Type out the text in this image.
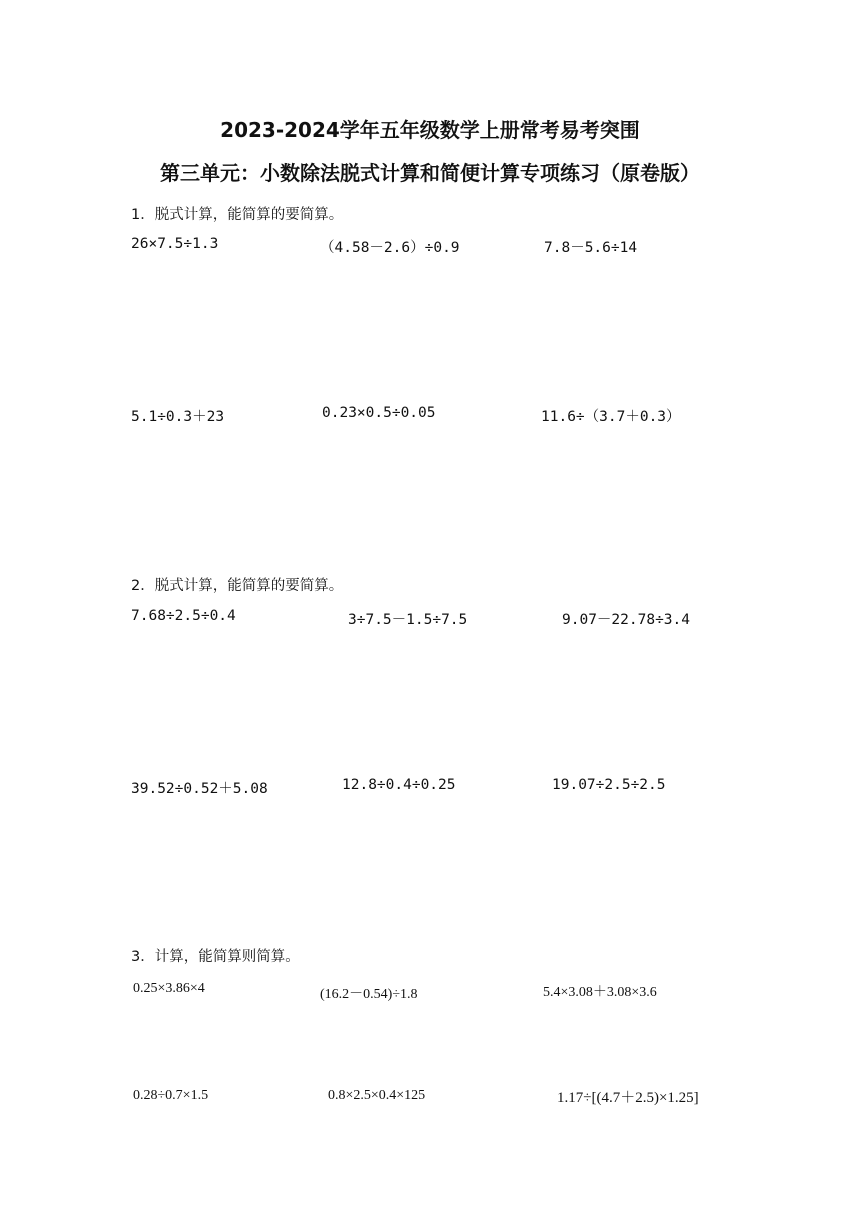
2023-2024学年五年级数学上册常考易考突围
第三单元：小数除法脱式计算和简便计算专项练习（原卷版）
1．脱式计算，能简算的要简算。
26×7.5÷1.3	（4.58－2.6）÷0.9	7.8－5.6÷14
5.1÷0.3＋23	0.23×0.5÷0.05	11.6÷（3.7＋0.3）
2．脱式计算，能简算的要简算。
7.68÷2.5÷0.4	3÷7.5－1.5÷7.5	9.07－22.78÷3.4
39.52÷0.52＋5.08	12.8÷0.4÷0.25	19.07÷2.5÷2.5
3．计算，能简算则简算。
0.25×3.86×4	(16.2－0.54)÷1.8	5.4×3.08＋3.08×3.6
0.28÷0.7×1.5	0.8×2.5×0.4×125	1.17÷[(4.7＋2.5)×1.25]
